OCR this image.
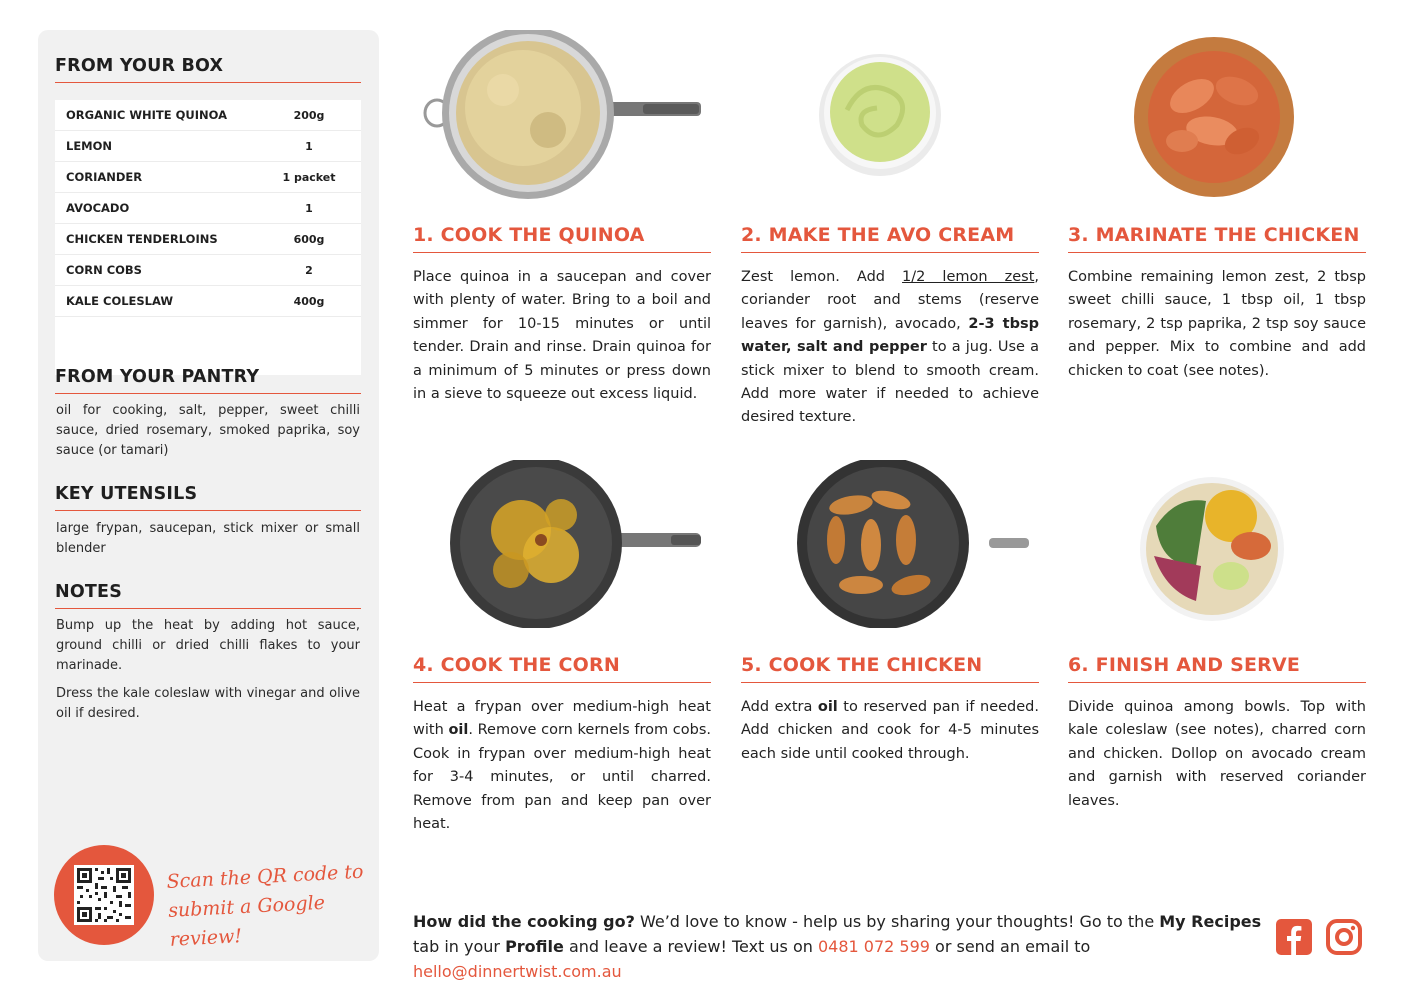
FROM YOUR BOX
ORGANIC WHITE QUINOA	200g
LEMON	1
CORIANDER	1 packet
AVOCADO	1
CHICKEN TENDERLOINS	600g
CORN COBS	2
KALE COLESLAW	400g
FROM YOUR PANTRY
oil for cooking, salt, pepper, sweet chilli sauce, dried rosemary, smoked paprika, soy sauce (or tamari)
KEY UTENSILS
large frypan, saucepan, stick mixer or small blender
NOTES

Bump up the heat by adding hot sauce, ground chilli or dried chilli flakes to your marinade.

Dress the kale coleslaw with vinegar and olive oil if desired.

Scan the QR code to
submit a Google review!
1. COOK THE QUINOA
Place quinoa in a saucepan and cover with plenty of water. Bring to a boil and simmer for 10-15 minutes or until tender. Drain and rinse. Drain quinoa for a minimum of 5 minutes or press down in a sieve to squeeze out excess liquid.
2. MAKE THE AVO CREAM
Zest lemon. Add 1/2 lemon zest, coriander root and stems (reserve leaves for garnish), avocado, 2-3 tbsp water, salt and pepper to a jug. Use a stick mixer to blend to smooth cream. Add more water if needed to achieve desired texture.
3. MARINATE THE CHICKEN
Combine remaining lemon zest, 2 tbsp sweet chilli sauce, 1 tbsp oil, 1 tbsp rosemary, 2 tsp paprika, 2 tsp soy sauce and pepper. Mix to combine and add chicken to coat (see notes).
4. COOK THE CORN
Heat a frypan over medium-high heat with oil. Remove corn kernels from cobs. Cook in frypan over medium-high heat for 3-4 minutes, or until charred. Remove from pan and keep pan over heat.
5. COOK THE CHICKEN
Add extra oil to reserved pan if needed. Add chicken and cook for 4-5 minutes each side until cooked through.
6. FINISH AND SERVE
Divide quinoa among bowls. Top with kale coleslaw (see notes), charred corn and chicken. Dollop on avocado cream and garnish with reserved coriander leaves.
How did the cooking go? We’d love to know - help us by sharing your thoughts! Go to the My Recipes tab in your Profile and leave a review! Text us on 0481 072 599 or send an email to hello@dinnertwist.com.au
